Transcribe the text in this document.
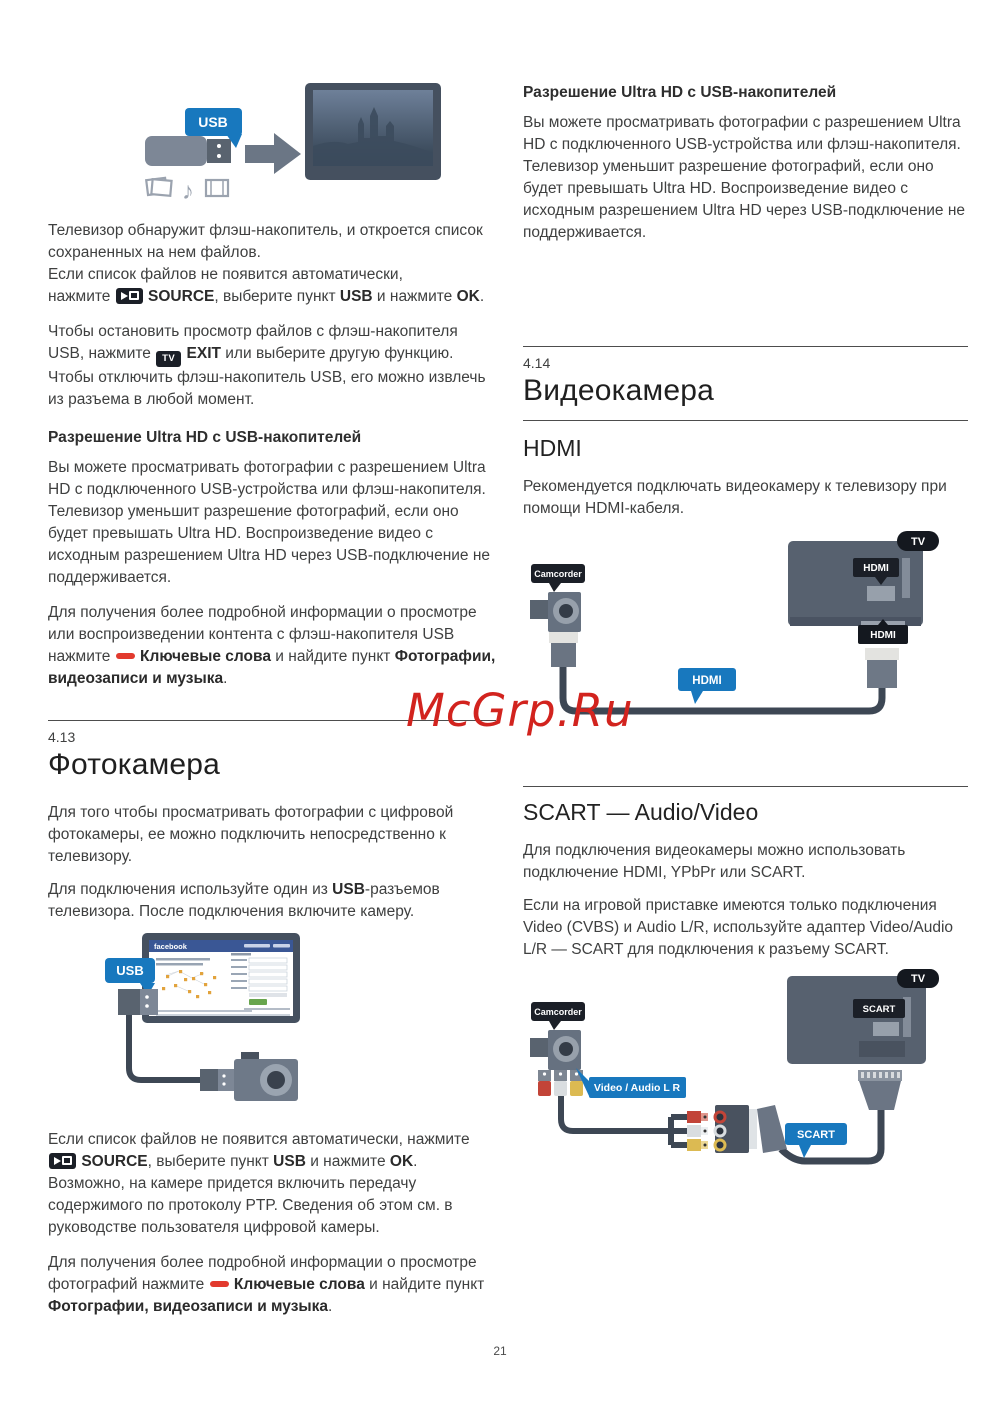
USB
♪
Телевизор обнаружит флэш-накопитель, и откроется список сохраненных на нем файлов.
Если список файлов не появится автоматически,
нажмите  SOURCE, выберите пункт USB и нажмите OK.
Чтобы остановить просмотр файлов с флэш-накопителя USB, нажмите TV EXIT или выберите другую функцию.
Чтобы отключить флэш-накопитель USB, его можно извлечь из разъема в любой момент.
Разрешение Ultra HD с USB-накопителей
Вы можете просматривать фотографии с разрешением Ultra HD с подключенного USB-устройства или флэш-накопителя. Телевизор уменьшит разрешение фотографий, если оно будет превышать Ultra HD. Воспроизведение видео с исходным разрешением Ultra HD через USB-подключение не поддерживается.
Для получения более подробной информации о просмотре или воспроизведении контента с флэш-накопителя USB нажмите  Ключевые слова и найдите пункт Фотографии, видеозаписи и музыка.
4.13
Фотокамера
Для того чтобы просматривать фотографии с цифровой фотокамеры, ее можно подключить непосредственно к телевизору.
Для подключения используйте один из USB-разъемов телевизора. После подключения включите камеру.
facebook
USB
Если список файлов не появится автоматически, нажмите  SOURCE, выберите пункт USB и нажмите OK.
Возможно, на камере придется включить передачу содержимого по протоколу PTP. Сведения об этом см. в руководстве пользователя цифровой камеры.
Для получения более подробной информации о просмотре фотографий нажмите  Ключевые слова и найдите пункт Фотографии, видеозаписи и музыка.
Разрешение Ultra HD с USB-накопителей
Вы можете просматривать фотографии с разрешением Ultra HD с подключенного USB-устройства или флэш-накопителя. Телевизор уменьшит разрешение фотографий, если оно будет превышать Ultra HD. Воспроизведение видео с исходным разрешением Ultra HD через USB-подключение не поддерживается.
4.14
Видеокамера
HDMI
Рекомендуется подключать видеокамеру к телевизору при помощи HDMI-кабеля.
Camcorder
TV
HDMI
HDMI
HDMI
SCART — Audio/Video
Для подключения видеокамеры можно использовать подключение HDMI, YPbPr или SCART.
Если на игровой приставке имеются только подключения Video (CVBS) и Audio L/R, используйте адаптер Video/Audio L/R — SCART для подключения к разъему SCART.
Camcorder
Video / Audio L R
TV
SCART
SCART
McGrp.Ru
21
